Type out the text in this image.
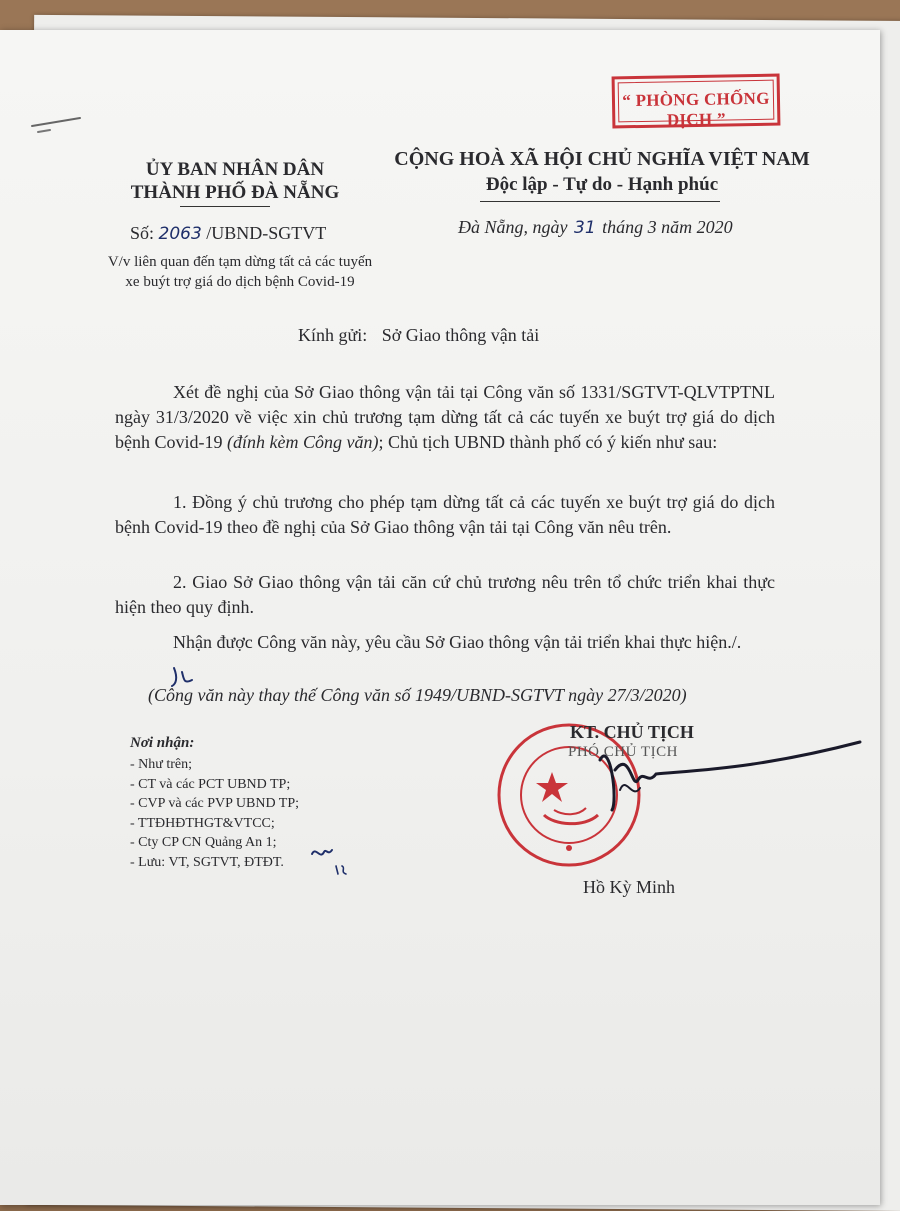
“ PHÒNG CHỐNG DỊCH ”
ỦY BAN NHÂN DÂN
THÀNH PHỐ ĐÀ NẴNG
CỘNG HOÀ XÃ HỘI CHỦ NGHĨA VIỆT NAM
Độc lập - Tự do - Hạnh phúc
Số: 2063 /UBND-SGTVT	Đà Nẵng, ngày 31 tháng 3 năm 2020
V/v liên quan đến tạm dừng tất cả các tuyến
xe buýt trợ giá do dịch bệnh Covid-19
Kính gửi: Sở Giao thông vận tải
Xét đề nghị của Sở Giao thông vận tải tại Công văn số 1331/SGTVT-QLVTPTNL ngày 31/3/2020 về việc xin chủ trương tạm dừng tất cả các tuyến xe buýt trợ giá do dịch bệnh Covid-19 (đính kèm Công văn); Chủ tịch UBND thành phố có ý kiến như sau:
1. Đồng ý chủ trương cho phép tạm dừng tất cả các tuyến xe buýt trợ giá do dịch bệnh Covid-19 theo đề nghị của Sở Giao thông vận tải tại Công văn nêu trên.
2. Giao Sở Giao thông vận tải căn cứ chủ trương nêu trên tổ chức triển khai thực hiện theo quy định.
Nhận được Công văn này, yêu cầu Sở Giao thông vận tải triển khai thực hiện./.
(Công văn này thay thế Công văn số 1949/UBND-SGTVT ngày 27/3/2020)
Nơi nhận:
- Như trên;
- CT và các PCT UBND TP;
- CVP và các PVP UBND TP;
- TTĐHĐTHGT&VTCC;
- Cty CP CN Quảng An 1;
- Lưu: VT, SGTVT, ĐTĐT.
KT. CHỦ TỊCH
PHÓ CHỦ TỊCH
Hồ Kỳ Minh
